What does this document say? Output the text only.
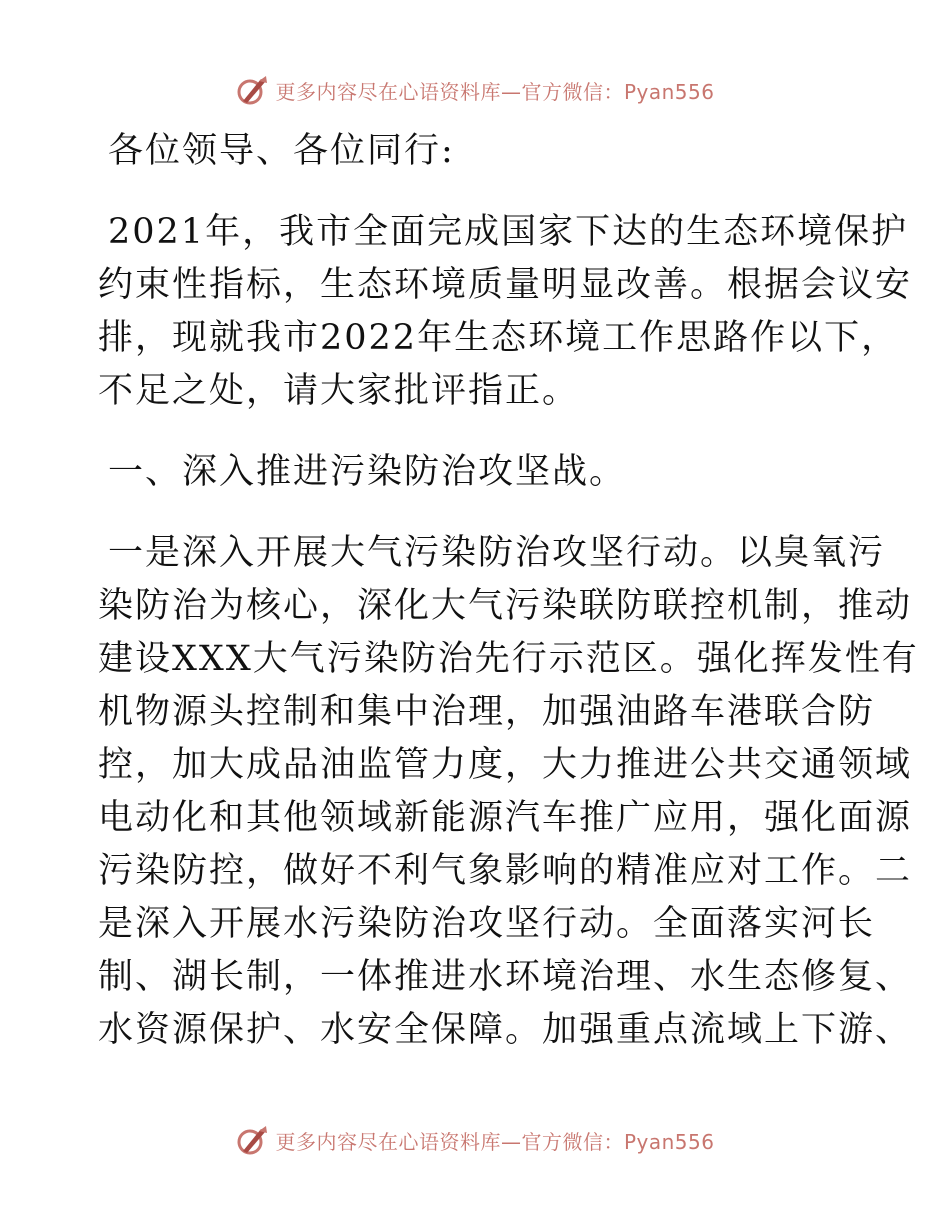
更多内容尽在心语资料库—官方微信：Pyan556
各位领导、各位同行:
2021年，我市全面完成国家下达的生态环境保护
约束性指标，生态环境质量明显改善。根据会议安
排，现就我市2022年生态环境工作思路作以下，
不足之处，请大家批评指正。
一、深入推进污染防治攻坚战。
一是深入开展大气污染防治攻坚行动。以臭氧污
染防治为核心，深化大气污染联防联控机制，推动
建设XXX大气污染防治先行示范区。强化挥发性有
机物源头控制和集中治理，加强油路车港联合防
控，加大成品油监管力度，大力推进公共交通领域
电动化和其他领域新能源汽车推广应用，强化面源
污染防控，做好不利气象影响的精准应对工作。二
是深入开展水污染防治攻坚行动。全面落实河长
制、湖长制，一体推进水环境治理、水生态修复、
水资源保护、水安全保障。加强重点流域上下游、
更多内容尽在心语资料库—官方微信：Pyan556
